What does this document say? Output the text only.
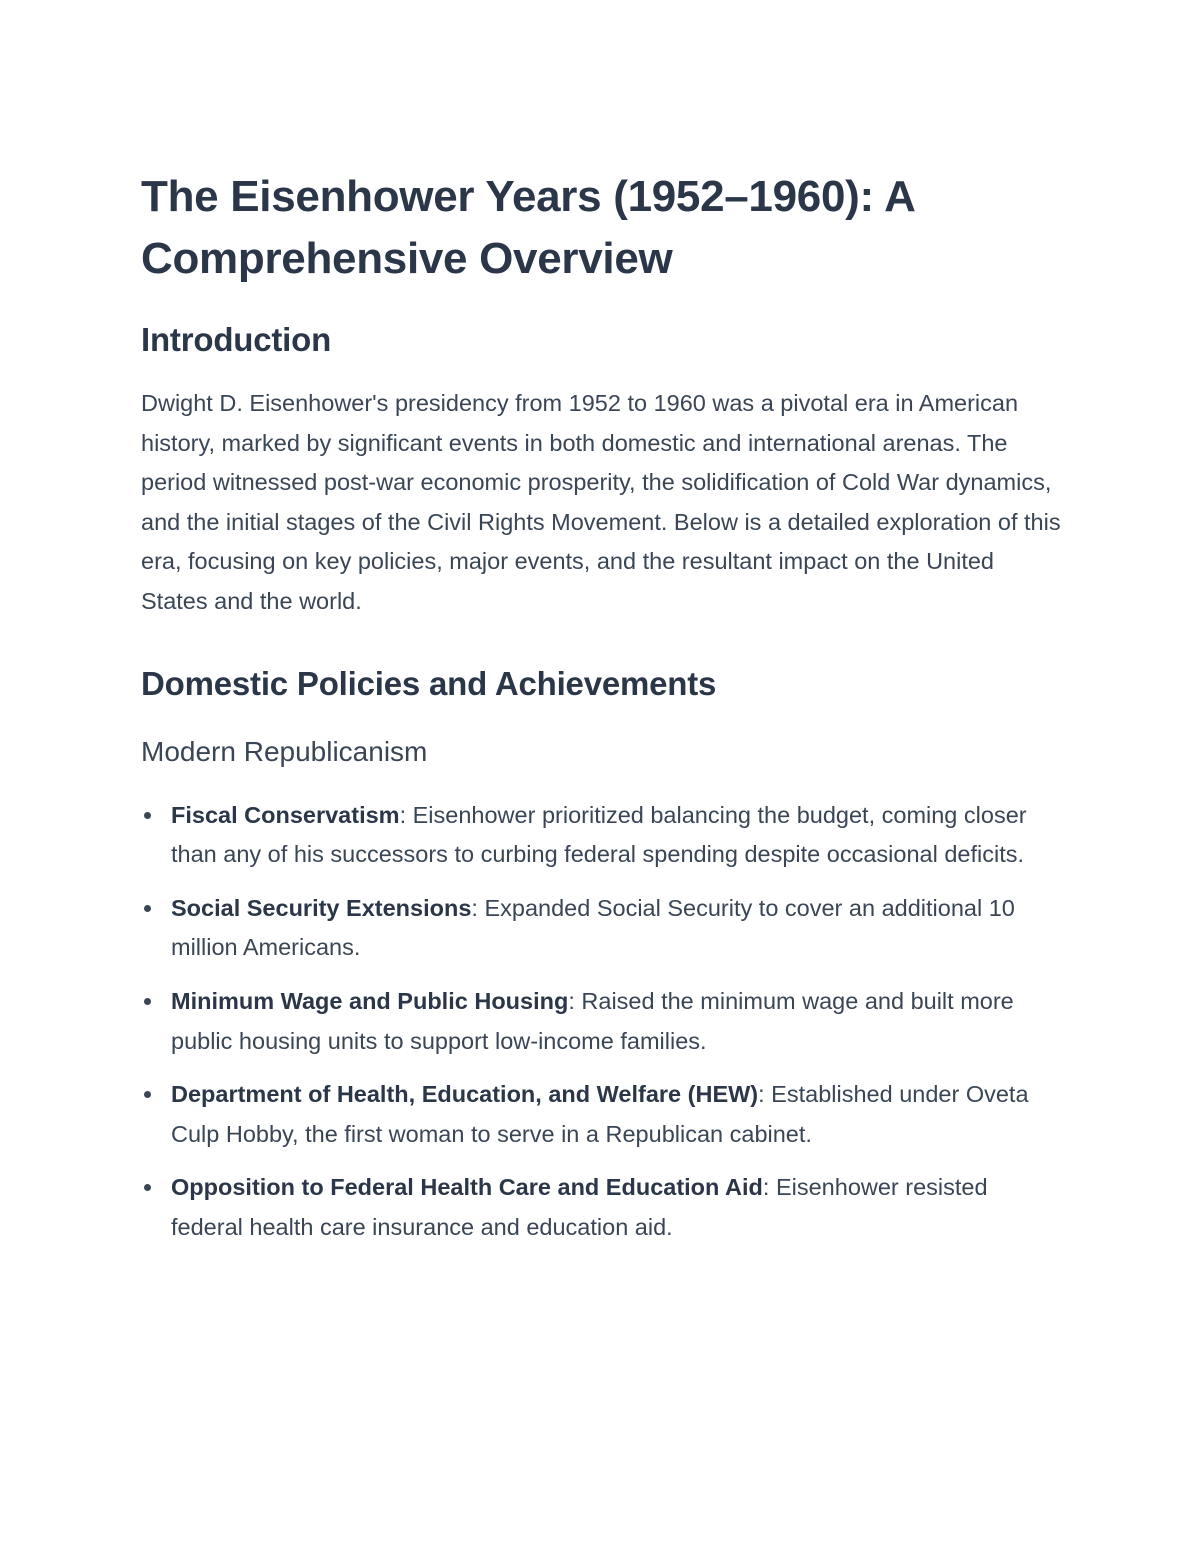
The Eisenhower Years (1952–1960): A Comprehensive Overview
Introduction

Dwight D. Eisenhower's presidency from 1952 to 1960 was a pivotal era in American history, marked by significant events in both domestic and international arenas. The period witnessed post-war economic prosperity, the solidification of Cold War dynamics, and the initial stages of the Civil Rights Movement. Below is a detailed exploration of this era, focusing on key policies, major events, and the resultant impact on the United States and the world.

Domestic Policies and Achievements
Modern Republicanism
Fiscal Conservatism: Eisenhower prioritized balancing the budget, coming closer than any of his successors to curbing federal spending despite occasional deficits.
Social Security Extensions: Expanded Social Security to cover an additional 10 million Americans.
Minimum Wage and Public Housing: Raised the minimum wage and built more public housing units to support low-income families.
Department of Health, Education, and Welfare (HEW): Established under Oveta Culp Hobby, the first woman to serve in a Republican cabinet.
Opposition to Federal Health Care and Education Aid: Eisenhower resisted federal health care insurance and education aid.
